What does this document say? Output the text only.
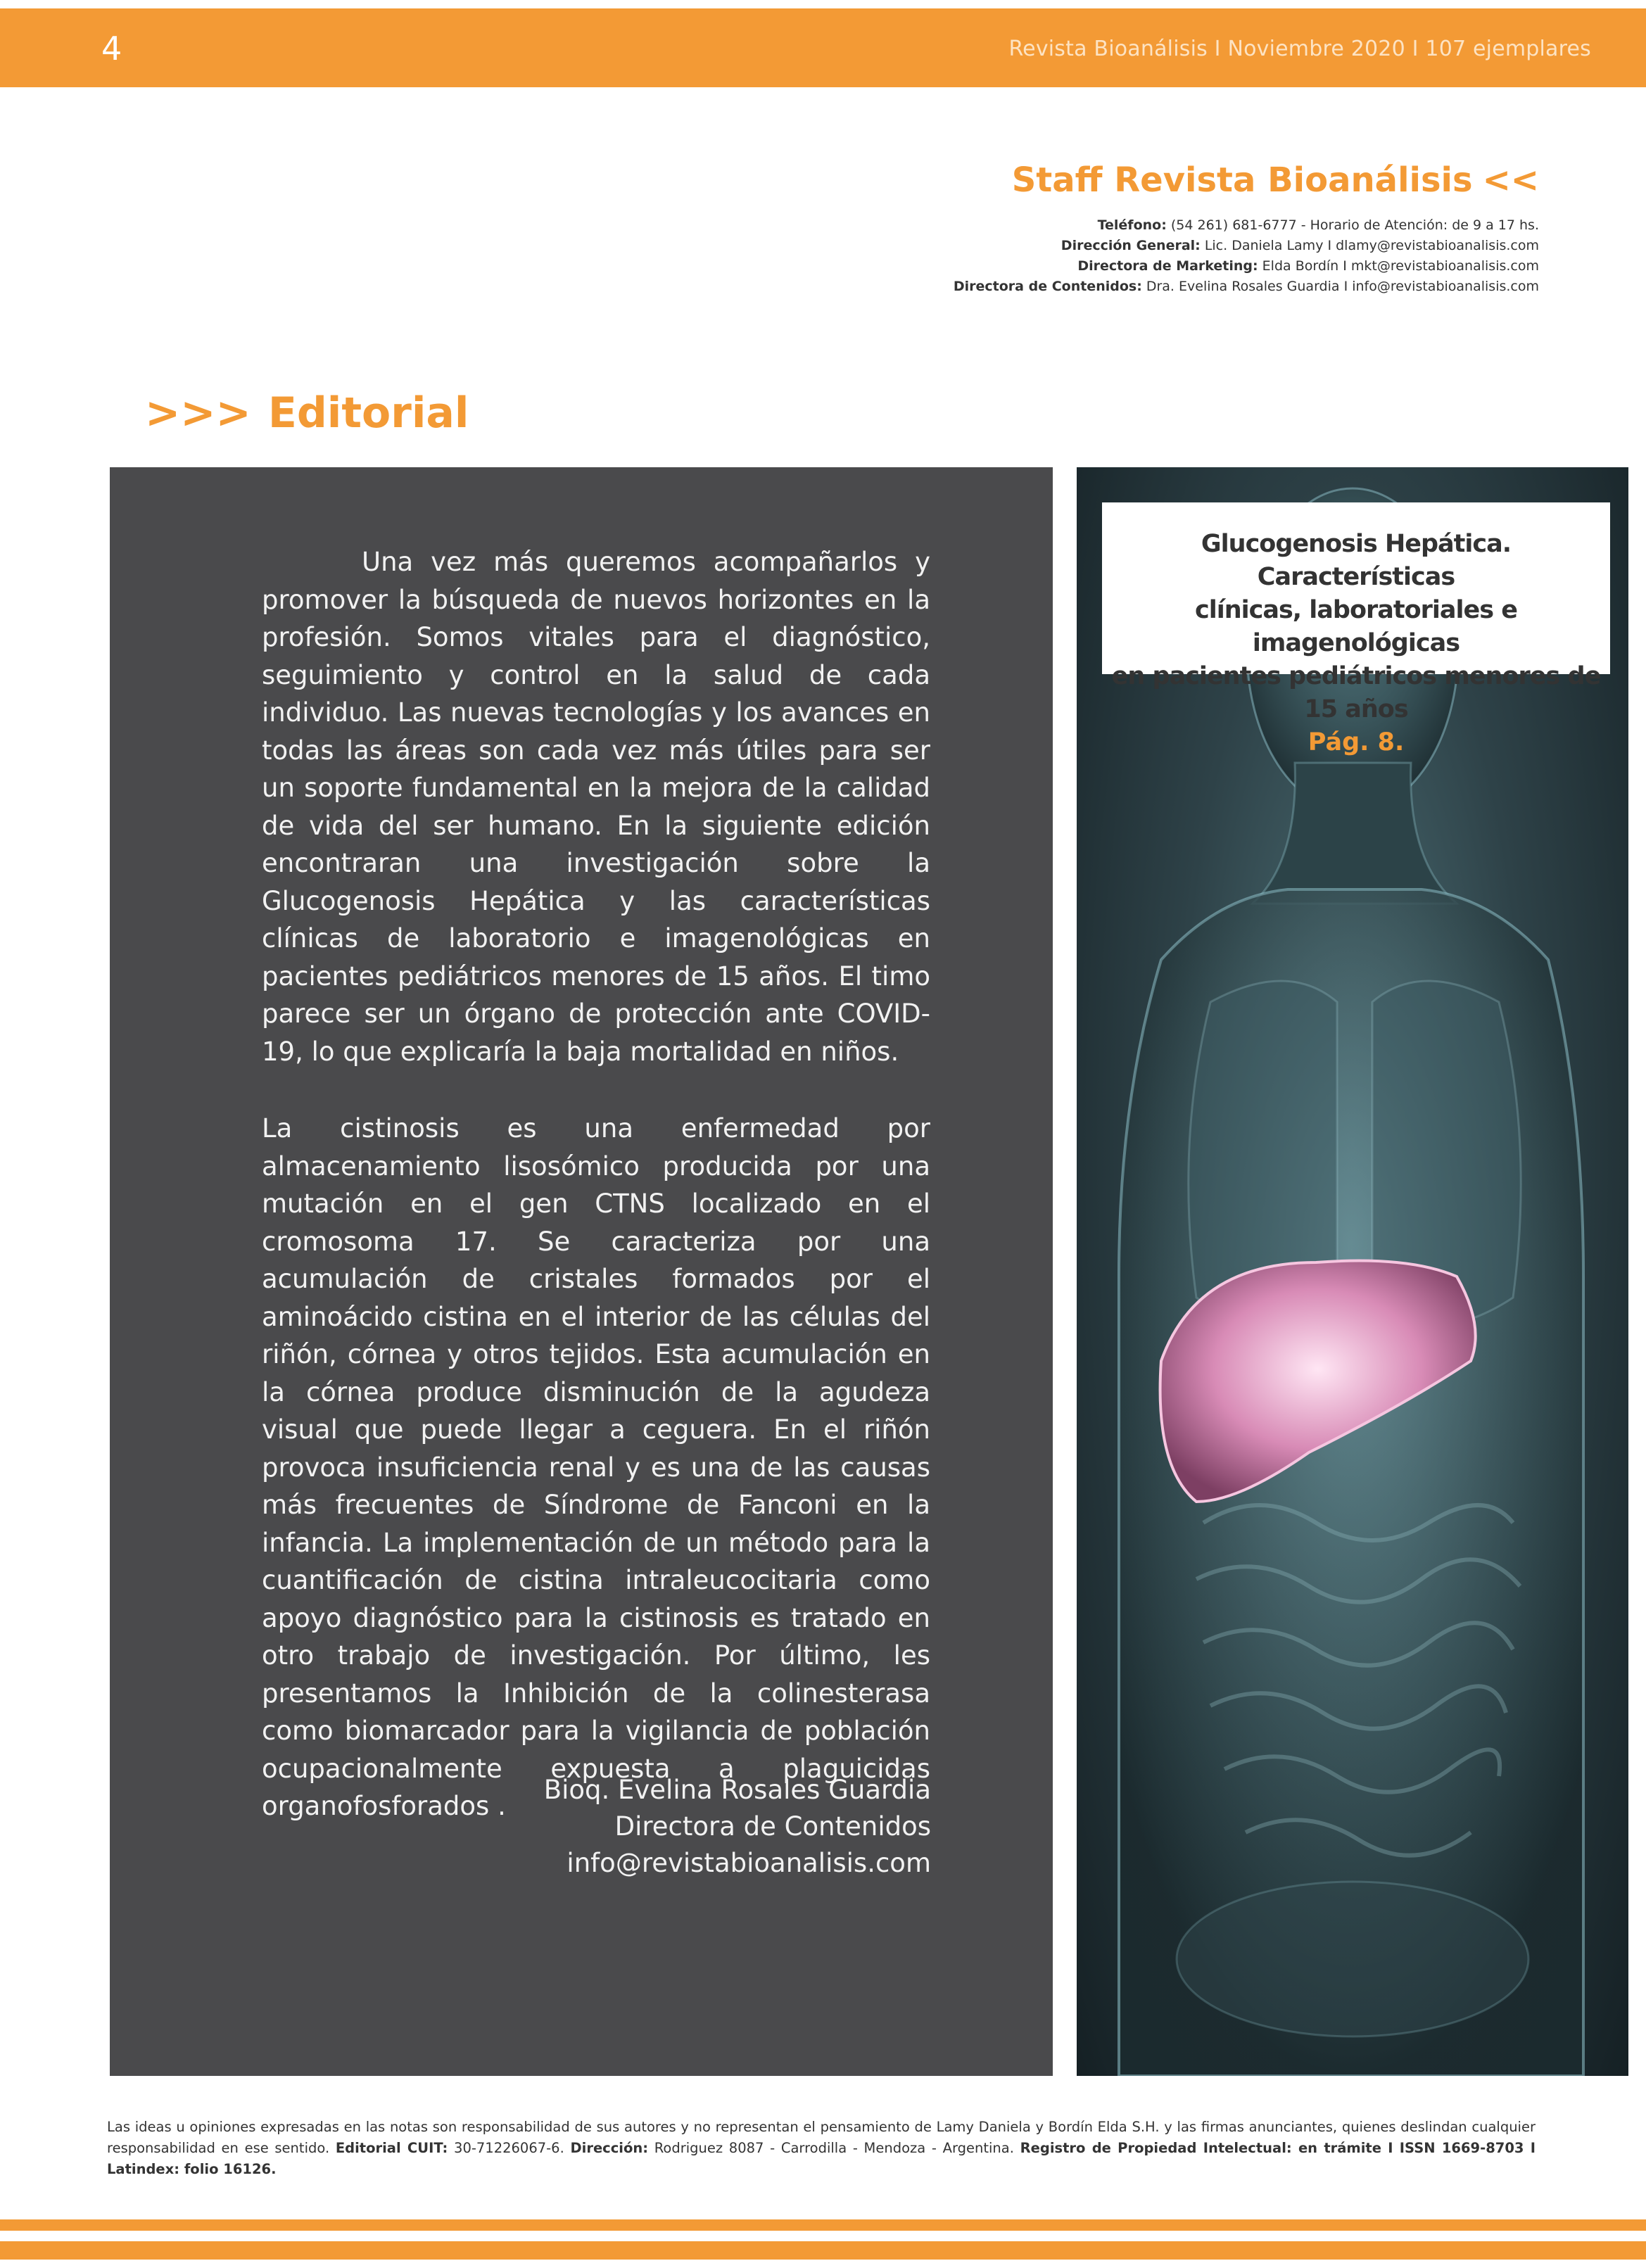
4	Revista Bioanálisis I Noviembre 2020 I 107 ejemplares
Staff Revista Bioanálisis <<
Teléfono: (54 261) 681-6777 - Horario de Atención: de 9 a 17 hs.
Dirección General: Lic. Daniela Lamy I dlamy@revistabioanalisis.com
Directora de Marketing: Elda Bordín I mkt@revistabioanalisis.com
Directora de Contenidos: Dra. Evelina Rosales Guardia I info@revistabioanalisis.com
>>> Editorial

Una vez más queremos acompañarlos y promover la búsqueda de nuevos horizontes en la profesión. Somos vitales para el diagnóstico, seguimiento y control en la salud de cada individuo. Las nuevas tecnologías y los avances en todas las áreas son cada vez más útiles para ser un soporte fundamental en la mejora de la calidad de vida del ser humano. En la siguiente edición encontraran una investigación sobre la Glucogenosis Hepática y las características clínicas de laboratorio e imagenológicas en pacientes pediátricos menores de 15 años. El timo parece ser un órgano de protección ante COVID-19, lo que explicaría la baja mortalidad en niños.

La cistinosis es una enfermedad por almacenamiento lisosómico producida por una mutación en el gen CTNS localizado en el cromosoma 17. Se caracteriza por una acumulación de cristales formados por el aminoácido cistina en el interior de las células del riñón, córnea y otros tejidos. Esta acumulación en la córnea produce disminución de la agudeza visual que puede llegar a ceguera. En el riñón provoca insuficiencia renal y es una de las causas más frecuentes de Síndrome de Fanconi en la infancia. La implementación de un método para la cuantificación de cistina intraleucocitaria como apoyo diagnóstico para la cistinosis es tratado en otro trabajo de investigación. Por último, les presentamos la Inhibición de la colinesterasa como biomarcador para la vigilancia de población ocupacionalmente expuesta a plaguicidas organofosforados .

Bioq. Evelina Rosales Guardia
Directora de Contenidos
info@revistabioanalisis.com
Glucogenosis Hepática. Características
clínicas, laboratoriales e imagenológicas
en pacientes pediátricos menores de 15 años
Pág. 8.
Las ideas u opiniones expresadas en las notas son responsabilidad de sus autores y no representan el pensamiento de Lamy Daniela y Bordín Elda S.H. y las firmas anunciantes, quienes deslindan cualquier responsabilidad en ese sentido. Editorial CUIT: 30-71226067-6. Dirección: Rodriguez 8087 - Carrodilla - Mendoza - Argentina. Registro de Propiedad Intelectual: en trámite I ISSN 1669-8703 I Latindex: folio 16126.
